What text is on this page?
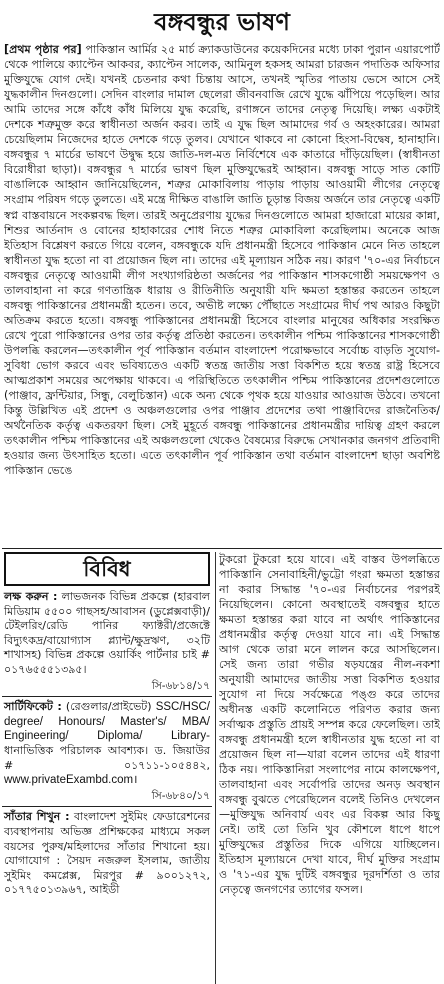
বঙ্গবন্ধুর ভাষণ
[প্রথম পৃষ্ঠার পর] পাকিস্তান আর্মির ২৫ মার্চ ক্র্যাকডাউনের কয়েকদিনের মধ্যে ঢাকা পুরান এয়ারপোর্ট থেকে পালিয়ে ক্যাপ্টেন আকবর, ক্যাপ্টেন সালেক, আমিনুল হকসহ আমরা চারজন পদাতিক অফিসার মুক্তিযুদ্ধে যোগ দেই। যখনই চেতনার কথা চিন্তায় আসে, তখনই স্মৃতির পাতায় ভেসে আসে সেই যুদ্ধকালীন দিনগুলো। সেদিন বাংলার দামাল ছেলেরা জীবনবাজি রেখে যুদ্ধে ঝাঁপিয়ে পড়েছিল। আর আমি তাদের সঙ্গে কাঁধে কাঁধ মিলিয়ে যুদ্ধ করেছি, রণাঙ্গনে তাদের নেতৃত্ব দিয়েছি। লক্ষ্য একটাই দেশকে শত্রুমুক্ত করে স্বাধীনতা অর্জন করব। তাই এ যুদ্ধ ছিল আমাদের গর্ব ও অহংকারের। আমরা চেয়েছিলাম নিজেদের হাতে দেশকে গড়ে তুলব। যেখানে থাকবে না কোনো হিংসা-বিদ্বেষ, হানাহানি। বঙ্গবন্ধুর ৭ মার্চের ভাষণে উদ্বুদ্ধ হয়ে জাতি-দল-মত নির্বিশেষে এক কাতারে দাঁড়িয়েছিল। (স্বাধীনতা বিরোধীরা ছাড়া)। বঙ্গবন্ধুর ৭ মার্চের ভাষণ ছিল মুক্তিযুদ্ধেরই আহ্বান। বঙ্গবন্ধু সাড়ে সাত কোটি বাঙালিকে আহ্বান জানিয়েছিলেন, শত্রুর মোকাবিলায় পাড়ায় পাড়ায় আওয়ামী লীগের নেতৃত্বে সংগ্রাম পরিষদ গড়ে তুলতে। এই মন্ত্রে দীক্ষিত বাঙালি জাতি চূড়ান্ত বিজয় অর্জনে তার নেতৃত্বে একটি স্বপ্ন বাস্তবায়নে সংকল্পবদ্ধ ছিল। তারই অনুপ্রেরণায় যুদ্ধের দিনগুলোতে আমরা হাজারো মায়ের কান্না, শিশুর আর্তনাদ ও বোনের হাহাকারের শোধ নিতে শত্রুর মোকাবিলা করেছিলাম। অনেকে আজ ইতিহাস বিশ্লেষণ করতে গিয়ে বলেন, বঙ্গবন্ধুকে যদি প্রধানমন্ত্রী হিসেবে পাকিস্তান মেনে নিত তাহলে স্বাধীনতা যুদ্ধ হতো না বা প্রয়োজন ছিল না। তাদের এই মূল্যায়ন সঠিক নয়। কারণ '৭০-এর নির্বাচনে বঙ্গবন্ধুর নেতৃত্বে আওয়ামী লীগ সংখ্যাগরিষ্ঠতা অর্জনের পর পাকিস্তান শাসকগোষ্ঠী সময়ক্ষেপণ ও তালবাহানা না করে গণতান্ত্রিক ধারায় ও রীতিনীতি অনুযায়ী যদি ক্ষমতা হস্তান্তর করতেন তাহলে বঙ্গবন্ধু পাকিস্তানের প্রধানমন্ত্রী হতেন। তবে, অভীষ্ট লক্ষ্যে পৌঁছাতে সংগ্রামের দীর্ঘ পথ আরও কিছুটা অতিক্রম করতে হতো। বঙ্গবন্ধু পাকিস্তানের প্রধানমন্ত্রী হিসেবে বাংলার মানুষের অধিকার সংরক্ষিত রেখে পুরো পাকিস্তানের ওপর তার কর্তৃত্ব প্রতিষ্ঠা করতেন। তৎকালীন পশ্চিম পাকিস্তানের শাসকগোষ্ঠী উপলব্ধি করলেন—তৎকালীন পূর্ব পাকিস্তান বর্তমান বাংলাদেশ পরোক্ষভাবে সর্বোচ্চ বাড়তি সুযোগ-সুবিধা ভোগ করবে এবং ভবিষ্যতেও একটি স্বতন্ত্র জাতীয় সত্তা বিকশিত হয়ে স্বতন্ত্র রাষ্ট্র হিসেবে আত্মপ্রকাশ সময়ের অপেক্ষায় থাকবে। এ পরিস্থিতিতে তৎকালীন পশ্চিম পাকিস্তানের প্রদেশগুলোতে (পাঞ্জাব, ফ্রন্টিয়ার, সিন্ধু, বেলুচিস্তান) একে অন্য থেকে পৃথক হয়ে যাওয়ার আওয়াজ উঠবে। তখনো কিন্তু উল্লিখিত এই প্রদেশ ও অঞ্চলগুলোর ওপর পাঞ্জাব প্রদেশের তথা পাঞ্জাবিদের রাজনৈতিক/অর্থনৈতিক কর্তৃত্ব একতরফা ছিল। সেই মুহূর্তে বঙ্গবন্ধু পাকিস্তানের প্রধানমন্ত্রীর দায়িত্ব গ্রহণ করলে তৎকালীন পশ্চিম পাকিস্তানের এই অঞ্চলগুলো থেকেও বৈষম্যের বিরুদ্ধে সেখানকার জনগণ প্রতিবাদী হওয়ার জন্য উৎসাহিত হতো। এতে তৎকালীন পূর্ব পাকিস্তান তথা বর্তমান বাংলাদেশ ছাড়া অবশিষ্ট পাকিস্তান ভেঙে
বিবিধ
লক্ষ করুন : লাভজনক বিভিন্ন প্রকল্পে (হারবাল মিডিয়াম ৫৫০০ গাছসহ/আবাসন (ডুপ্লেক্সবাড়ী)/ টেইলরিং/রেডি পানির ফ্যাক্টরী/প্রজেক্টে বিদ্যুৎকদ্র/বায়োগ্যাস প্ল্যান্ট/ক্ষুদ্রঋণ, ৩২টি শাখাসহ) বিভিন্ন প্রকল্পে ওয়ার্কিং পার্টনার চাই # ০১৭৬৫৫৫১৩৯৫।
সি-৬৮১৪/১৭
সার্টিফিকেট : (রেগুলার/প্রাইভেট) SSC/HSC/ degree/ Honours/ Master's/ MBA/ Engineering/ Diploma/ Library- ধানাভিত্তিক পরিচালক আবশ্যক। ড. জিয়াউর # ০১৭১১-১০৫৪৪২, www.privateExambd.com।
সি-৬৮৪০/১৭
সাঁতার শিখুন : বাংলাদেশ সুইমিং ফেডারেশনের ব্যবস্থাপনায় অভিজ্ঞ প্রশিক্ষকের মাধ্যমে সকল বয়সের পুরুষ/মহিলাদের সাঁতার শিখানো হয়। যোগাযোগ : সৈয়দ নজরুল ইসলাম, জাতীয় সুইমিং কমপ্লেক্স, মিরপুর # ৯০০১২৭২, ০১৭৭৫০১৩৯৬৭, আইডী
টুকরো টুকরো হয়ে যাবে। এই বাস্তব উপলব্ধিতে পাকিস্তানি সেনাবাহিনী/ভুট্টো গংরা ক্ষমতা হস্তান্তর না করার সিদ্ধান্ত '৭০-এর নির্বাচনের পরপরই নিয়েছিলেন। কোনো অবস্থাতেই বঙ্গবন্ধুর হাতে ক্ষমতা হস্তান্তর করা যাবে না অর্থাৎ পাকিস্তানের প্রধানমন্ত্রীর কর্তৃত্ব দেওয়া যাবে না। এই সিদ্ধান্ত আগ থেকে তারা মনে লালন করে আসছিলেন। সেই জন্য তারা গভীর ষড়যন্ত্রের নীল-নকশা অনুযায়ী আমাদের জাতীয় সত্তা বিকশিত হওয়ার সুযোগ না দিয়ে সর্বক্ষেত্রে পঙ্গু করে তাদের অধীনস্ত একটি কলোনিতে পরিণত করার জন্য সর্বাত্মক প্রস্তুতি প্রায়ই সম্পন্ন করে ফেলেছিল। তাই বঙ্গবন্ধু প্রধানমন্ত্রী হলে স্বাধীনতার যুদ্ধ হতো না বা প্রয়োজন ছিল না—যারা বলেন তাদের এই ধারণা ঠিক নয়। পাকিস্তানিরা সংলাপের নামে কালক্ষেপণ, তালবাহানা এবং সর্বোপরি তাদের অনড় অবস্থান বঙ্গবন্ধু বুঝতে পেরেছিলেন বলেই তিনিও দেখলেন—মুক্তিযুদ্ধ অনিবার্য এবং এর বিকল্প আর কিছু নেই। তাই তো তিনি খুব কৌশলে ধাপে ধাপে মুক্তিযুদ্ধের প্রস্তুতির দিকে এগিয়ে যাচ্ছিলেন। ইতিহাস মূল্যায়নে দেখা যাবে, দীর্ঘ মুক্তির সংগ্রাম ও '৭১-এর যুদ্ধ দুটিই বঙ্গবন্ধুর দূরদর্শিতা ও তার নেতৃত্বে জনগণের ত্যাগের ফসল।
